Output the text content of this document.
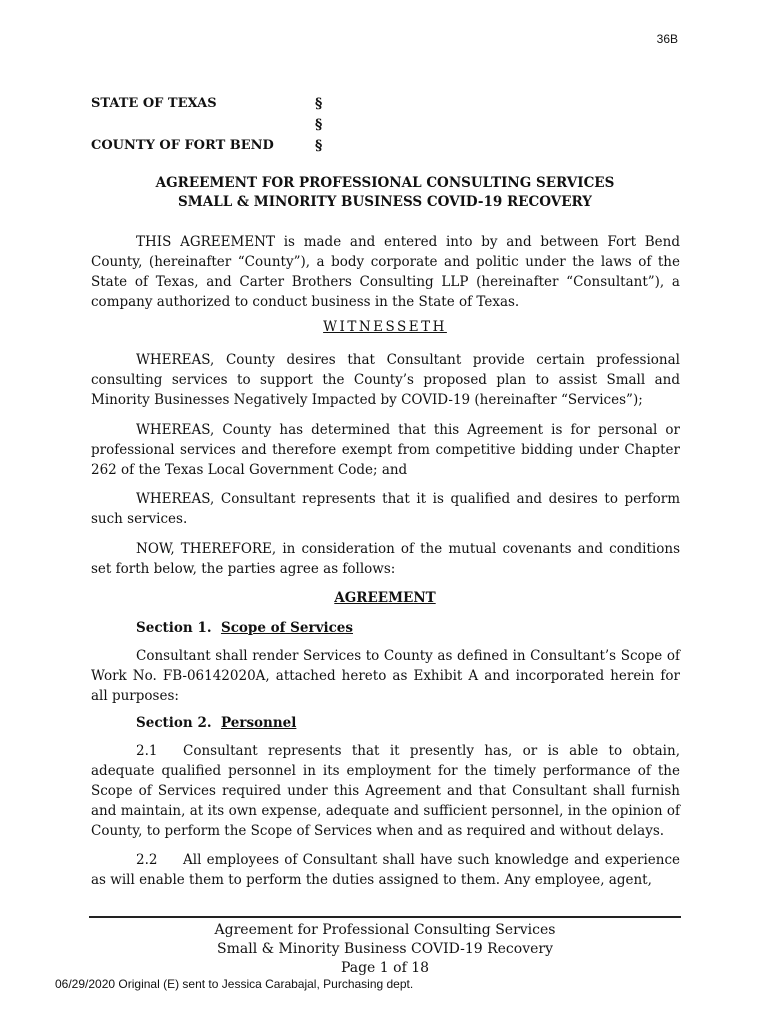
36B
STATE OF TEXAS	§
§
COUNTY OF FORT BEND	§
AGREEMENT FOR PROFESSIONAL CONSULTING SERVICES
SMALL & MINORITY BUSINESS COVID-19 RECOVERY

THIS AGREEMENT is made and entered into by and between Fort Bend County, (hereinafter “County”), a body corporate and politic under the laws of the State of Texas, and Carter Brothers Consulting LLP (hereinafter “Consultant”), a company authorized to conduct business in the State of Texas.

WITNESSETH

WHEREAS, County desires that Consultant provide certain professional consulting services to support the County’s proposed plan to assist Small and Minority Businesses Negatively Impacted by COVID-19 (hereinafter “Services”);

WHEREAS, County has determined that this Agreement is for personal or professional services and therefore exempt from competitive bidding under Chapter 262 of the Texas Local Government Code; and

WHEREAS, Consultant represents that it is qualified and desires to perform such services.

NOW, THEREFORE, in consideration of the mutual covenants and conditions set forth below, the parties agree as follows:

AGREEMENT
Section 1. Scope of Services

Consultant shall render Services to County as defined in Consultant’s Scope of Work No. FB-06142020A, attached hereto as Exhibit A and incorporated herein for all purposes:

Section 2. Personnel

2.1 Consultant represents that it presently has, or is able to obtain, adequate qualified personnel in its employment for the timely performance of the Scope of Services required under this Agreement and that Consultant shall furnish and maintain, at its own expense, adequate and sufficient personnel, in the opinion of County, to perform the Scope of Services when and as required and without delays.

2.2 All employees of Consultant shall have such knowledge and experience as will enable them to perform the duties assigned to them. Any employee, agent,

Agreement for Professional Consulting Services
Small & Minority Business COVID-19 Recovery
Page 1 of 18
06/29/2020 Original (E) sent to Jessica Carabajal, Purchasing dept.
